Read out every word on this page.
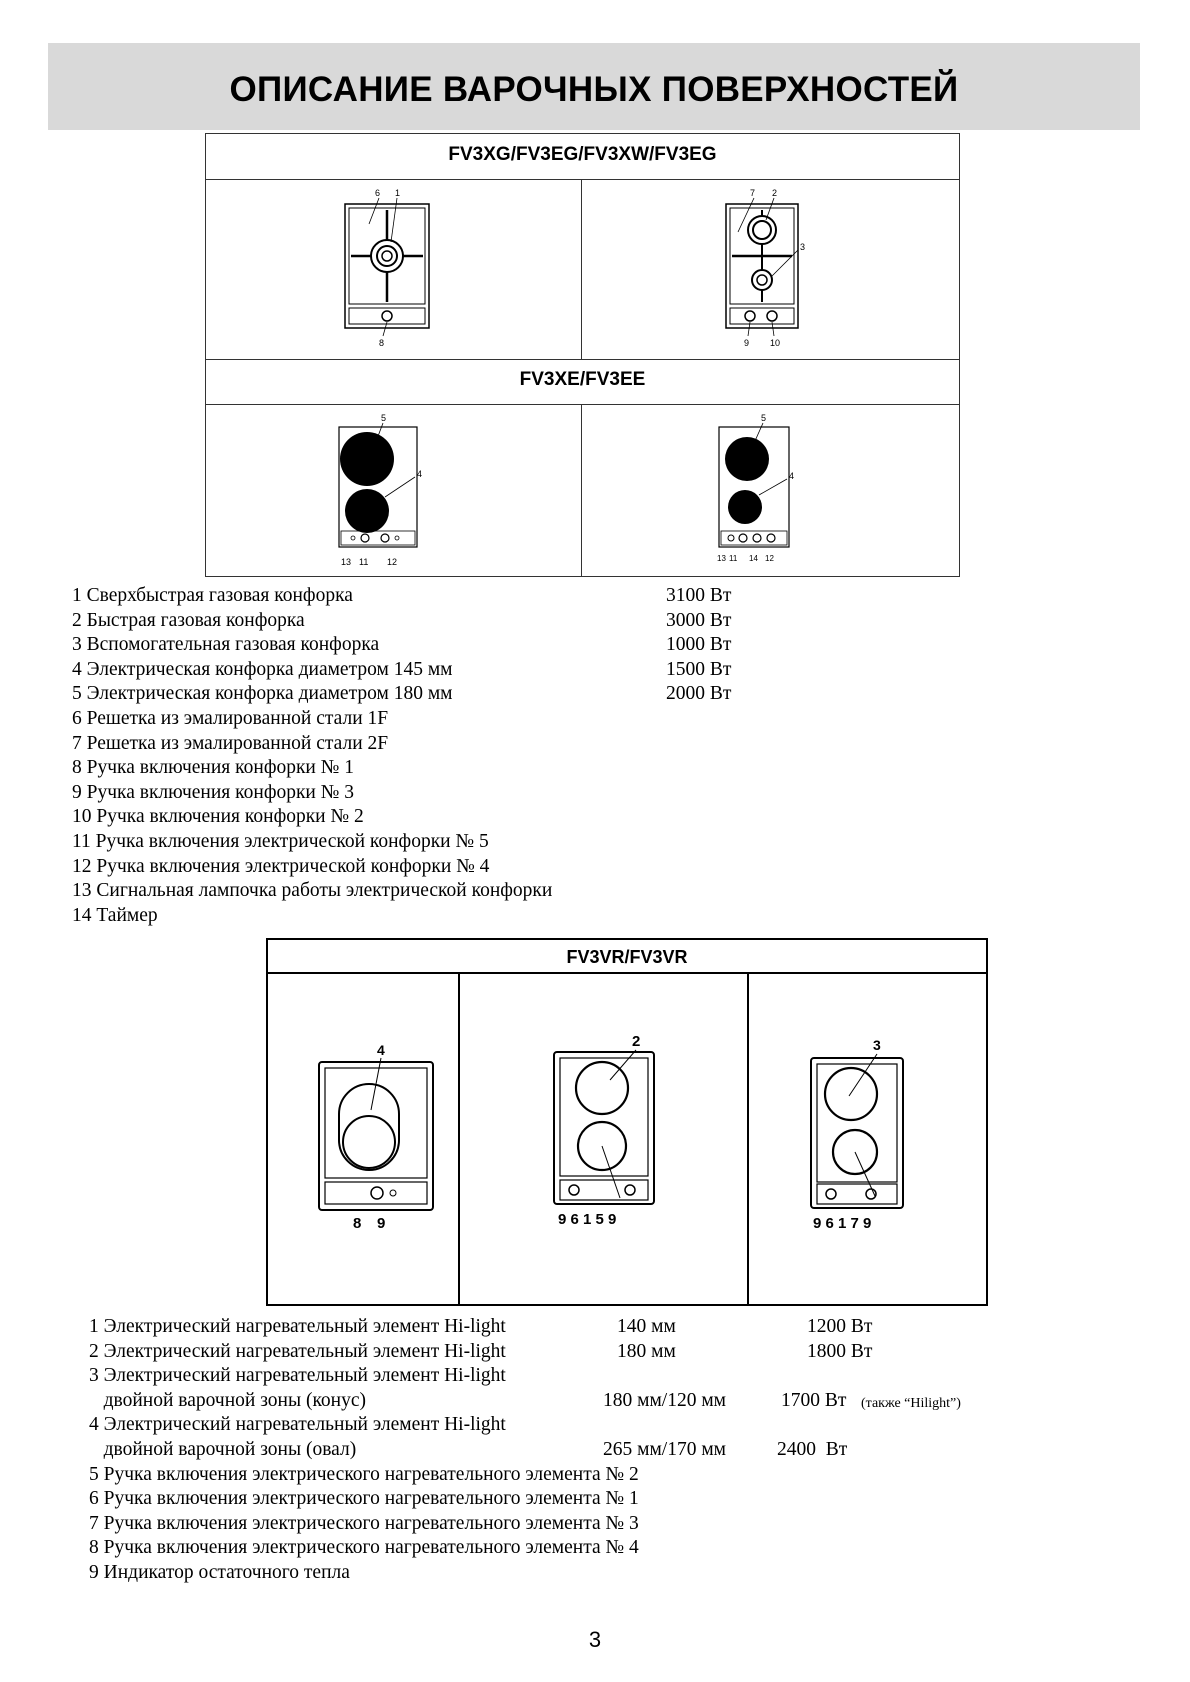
ОПИСАНИЕ ВАРОЧНЫХ ПОВЕРХНОСТЕЙ
FV3XG/FV3EG/FV3XW/FV3EG
FV3XE/FV3EE
6 1
8
7 2
3
9 10
5
4
13 11 12
5
4
13 11 14 12
1 Сверхбыстрая газовая конфорка	3100 Вт
2 Быстрая газовая конфорка	3000 Вт
3 Вспомогательная газовая конфорка	1000 Вт
4 Электрическая конфорка диаметром 145 мм	1500 Вт
5 Электрическая конфорка диаметром 180 мм	2000 Вт
6 Решетка из эмалированной стали 1F
7 Решетка из эмалированной стали 2F
8 Ручка включения конфорки № 1
9 Ручка включения конфорки № 3
10 Ручка включения конфорки № 2
11 Ручка включения электрической конфорки № 5
12 Ручка включения электрической конфорки № 4
13 Сигнальная лампочка работы электрической конфорки
14 Таймер
FV3VR/FV3VR
4
8 9
2
9 6 1 5 9
3
9 6 1 7 9
1 Электрический нагревательный элемент Hi-light	140 мм	1200 Вт
2 Электрический нагревательный элемент Hi-light	180 мм	1800 Вт
3 Электрический нагревательный элемент Hi-light
двойной варочной зоны (конус)	180 мм/120 мм	1700 Вт (также “Hilight”)
4 Электрический нагревательный элемент Hi-light
двойной варочной зоны (овал)	265 мм/170 мм	2400  Вт
5 Ручка включения электрического нагревательного элемента № 2
6 Ручка включения электрического нагревательного элемента № 1
7 Ручка включения электрического нагревательного элемента № 3
8 Ручка включения электрического нагревательного элемента № 4
9 Индикатор остаточного тепла
3
